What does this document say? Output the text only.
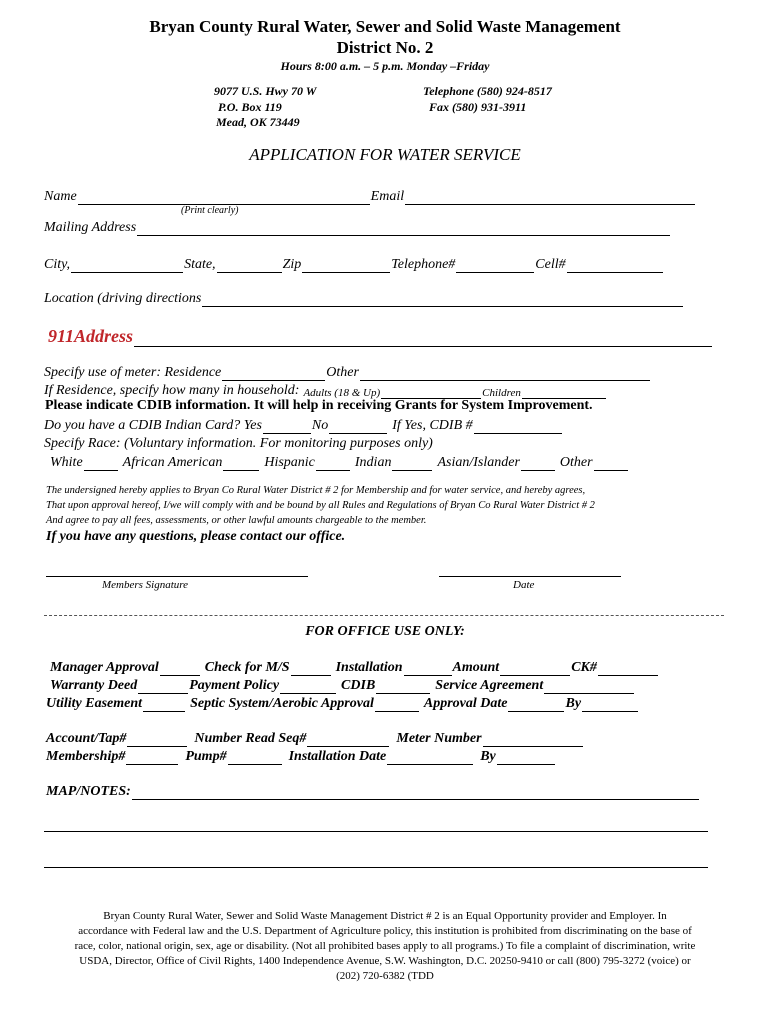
Bryan County Rural Water, Sewer and Solid Waste Management
District No. 2
Hours 8:00 a.m. – 5 p.m. Monday –Friday
9077 U.S. Hwy 70 W
P.O. Box 119
Mead, OK 73449
Telephone (580) 924-8517
Fax (580) 931-3911
APPLICATION FOR WATER SERVICE
Name	Email
(Print clearly)
Mailing Address
City,	State,	Zip	Telephone#	Cell#
Location (driving directions
911Address
Specify use of meter: Residence	Other
If Residence, specify how many in household: Adults (18 & Up)	Children
Please indicate CDIB information. It will help in receiving Grants for System Improvement.
Do you have a CDIB Indian Card? Yes	No	If Yes, CDIB #
Specify Race: (Voluntary information. For monitoring purposes only)
White	African American	Hispanic	Indian	Asian/Islander	Other
The undersigned hereby applies to Bryan Co Rural Water District # 2 for Membership and for water service, and hereby agrees,
That upon approval hereof, I/we will comply with and be bound by all Rules and Regulations of Bryan Co Rural Water District # 2
And agree to pay all fees, assessments, or other lawful amounts chargeable to the member.
If you have any questions, please contact our office.
Members Signature	Date
FOR OFFICE USE ONLY:
Manager Approval	Check for M/S	Installation	Amount	CK#
Warranty Deed	Payment Policy	CDIB	Service Agreement
Utility Easement	Septic System/Aerobic Approval	Approval Date	By
Account/Tap#	Number Read Seq#	Meter Number
Membership#	Pump#	Installation Date	By
MAP/NOTES:
Bryan County Rural Water, Sewer and Solid Waste Management District # 2 is an Equal Opportunity provider and Employer. In
accordance with Federal law and the U.S. Department of Agriculture policy, this institution is prohibited from discriminating on the base of
race, color, national origin, sex, age or disability. (Not all prohibited bases apply to all programs.) To file a complaint of discrimination, write
USDA, Director, Office of Civil Rights, 1400 Independence Avenue, S.W. Washington, D.C. 20250-9410 or call (800) 795-3272 (voice) or
(202) 720-6382 (TDD
